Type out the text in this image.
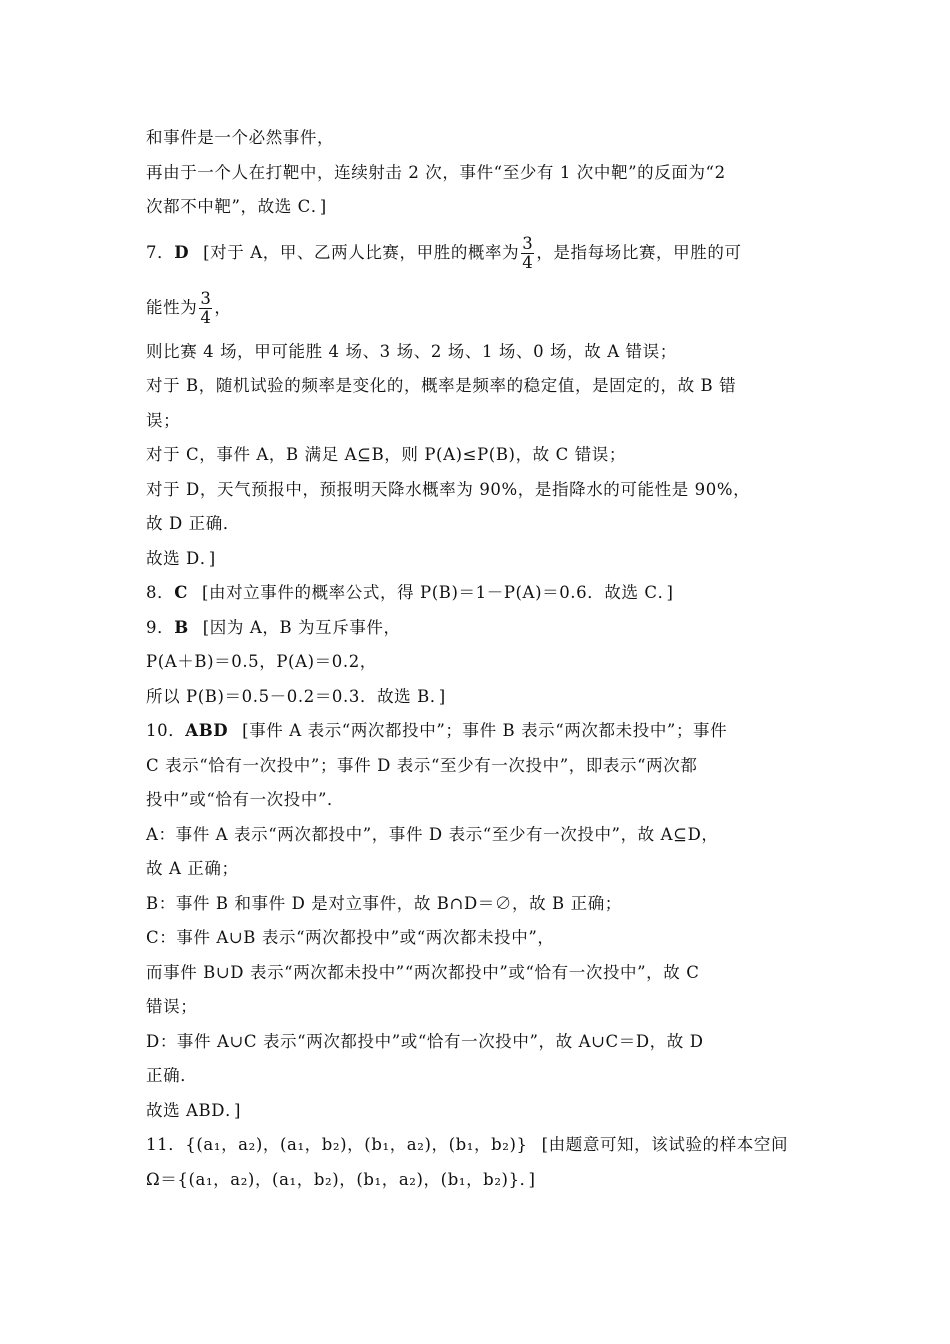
和事件是一个必然事件，
再由于一个人在打靶中，连续射击 2 次，事件“至少有 1 次中靶”的反面为“2
次都不中靶”，故选 C．]
7．D [对于 A，甲、乙两人比赛，甲胜的概率为 $\frac{3}{4}$ ，是指每场比赛，甲胜的可
能性为 $\frac{3}{4}$ ，
则比赛 4 场，甲可能胜 4 场、3 场、2 场、1 场、0 场，故 A 错误；
对于 B，随机试验的频率是变化的，概率是频率的稳定值，是固定的，故 B 错
误；
对于 C，事件 A，B 满足 A⊆B，则 P(A)≤P(B)，故 C 错误；
对于 D，天气预报中，预报明天降水概率为 90%，是指降水的可能性是 90%，
故 D 正确．
故选 D．]
8．C [由对立事件的概率公式，得 P(B)＝1－P(A)＝0.6．故选 C．]
9．B [因为 A，B 为互斥事件，
P(A＋B)＝0.5，P(A)＝0.2，
所以 P(B)＝0.5－0.2＝0.3．故选 B．]
10．ABD [事件 A 表示“两次都投中”；事件 B 表示“两次都未投中”；事件
C 表示“恰有一次投中”；事件 D 表示“至少有一次投中”，即表示“两次都
投中”或“恰有一次投中”．
A：事件 A 表示“两次都投中”，事件 D 表示“至少有一次投中”，故 A⊆D，
故 A 正确；
B：事件 B 和事件 D 是对立事件，故 B∩D＝∅，故 B 正确；
C：事件 A∪B 表示“两次都投中”或“两次都未投中”，
而事件 B∪D 表示“两次都未投中”“两次都投中”或“恰有一次投中”，故 C
错误；
D：事件 A∪C 表示“两次都投中”或“恰有一次投中”，故 A∪C＝D，故 D
正确．
故选 ABD．]
11．{(a₁，a₂)，(a₁，b₂)，(b₁，a₂)，(b₁，b₂)} [由题意可知，该试验的样本空间
Ω＝{(a₁，a₂)，(a₁，b₂)，(b₁，a₂)，(b₁，b₂)}．]
